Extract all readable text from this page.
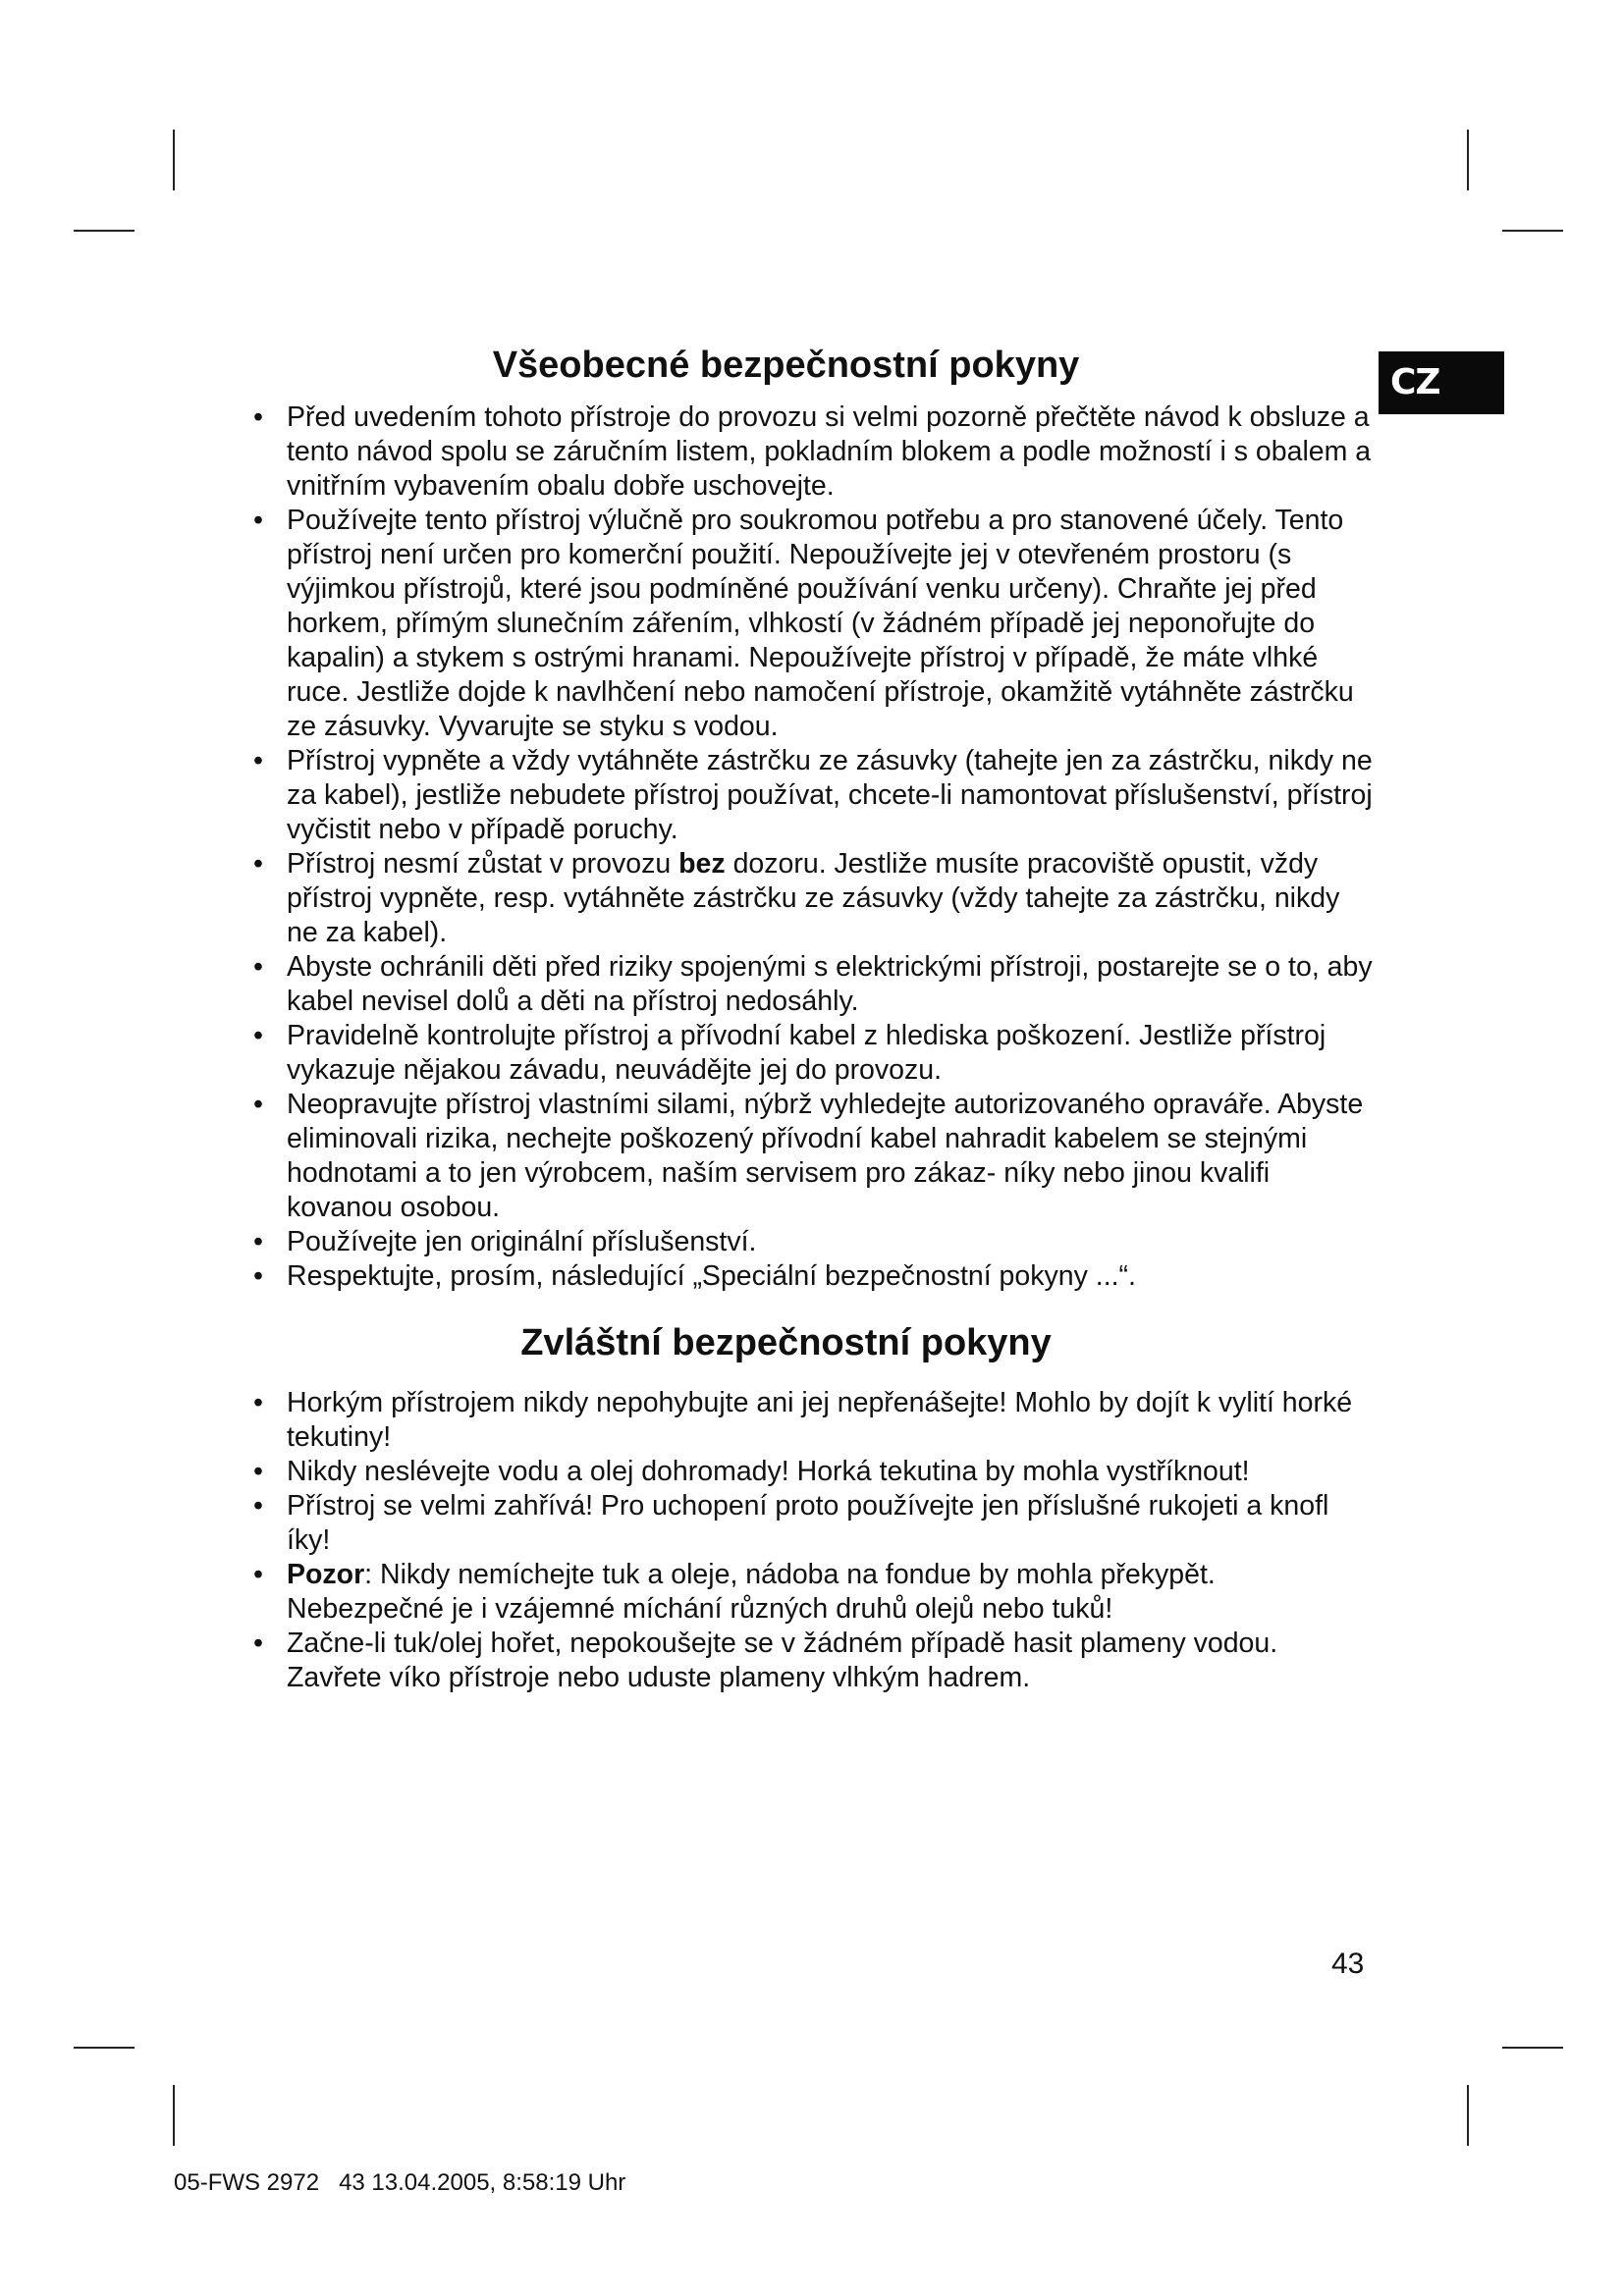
CZ
Všeobecné bezpečnostní pokyny
• Před uvedením tohoto přístroje do provozu si velmi pozorně přečtěte návod k obsluze a tento návod spolu se záručním listem, pokladním blokem a podle možností i s obalem a vnitřním vybavením obalu dobře uschovejte.
• Používejte tento přístroj výlučně pro soukromou potřebu a pro stanovené účely. Tento přístroj není určen pro komerční použití. Nepoužívejte jej v otevřeném prostoru (s výjimkou přístrojů, které jsou podmíněné používání venku určeny). Chraňte jej před horkem, přímým slunečním zářením, vlhkostí (v žádném případě jej neponořujte do kapalin) a stykem s ostrými hranami. Nepoužívejte přístroj v případě, že máte vlhké ruce. Jestliže dojde k navlhčení nebo namočení přístroje, okamžitě vytáhněte zástrčku ze zásuvky. Vyvarujte se styku s vodou.
• Přístroj vypněte a vždy vytáhněte zástrčku ze zásuvky (tahejte jen za zástrčku, nikdy ne za kabel), jestliže nebudete přístroj používat, chcete-li namontovat příslušenství, přístroj vyčistit nebo v případě poruchy.
• Přístroj nesmí zůstat v provozu bez dozoru. Jestliže musíte pracoviště opustit, vždy přístroj vypněte, resp. vytáhněte zástrčku ze zásuvky (vždy tahejte za zástrčku, nikdy ne za kabel).
• Abyste ochránili děti před riziky spojenými s elektrickými přístroji, postarejte se o to, aby kabel nevisel dolů a děti na přístroj nedosáhly.
• Pravidelně kontrolujte přístroj a přívodní kabel z hlediska poškození. Jestliže přístroj vykazuje nějakou závadu, neuvádějte jej do provozu.
• Neopravujte přístroj vlastními silami, nýbrž vyhledejte autorizovaného opraváře. Abyste eliminovali rizika, nechejte poškozený přívodní kabel nahradit kabelem se stejnými hodnotami a to jen výrobcem, naším servisem pro zákaz- níky nebo jinou kvalifi kovanou osobou.
• Používejte jen originální příslušenství.
• Respektujte, prosím, následující „Speciální bezpečnostní pokyny ...“.
Zvláštní bezpečnostní pokyny
• Horkým přístrojem nikdy nepohybujte ani jej nepřenášejte! Mohlo by dojít k vylití horké tekutiny!
• Nikdy neslévejte vodu a olej dohromady! Horká tekutina by mohla vystříknout!
• Přístroj se velmi zahřívá! Pro uchopení proto používejte jen příslušné rukojeti a knofl íky!
• Pozor: Nikdy nemíchejte tuk a oleje, nádoba na fondue by mohla překypět. Nebezpečné je i vzájemné míchání různých druhů olejů nebo tuků!
• Začne-li tuk/olej hořet, nepokoušejte se v žádném případě hasit plameny vodou. Zavřete víko přístroje nebo uduste plameny vlhkým hadrem.
43
05-FWS 2972   43 13.04.2005, 8:58:19 Uhr
